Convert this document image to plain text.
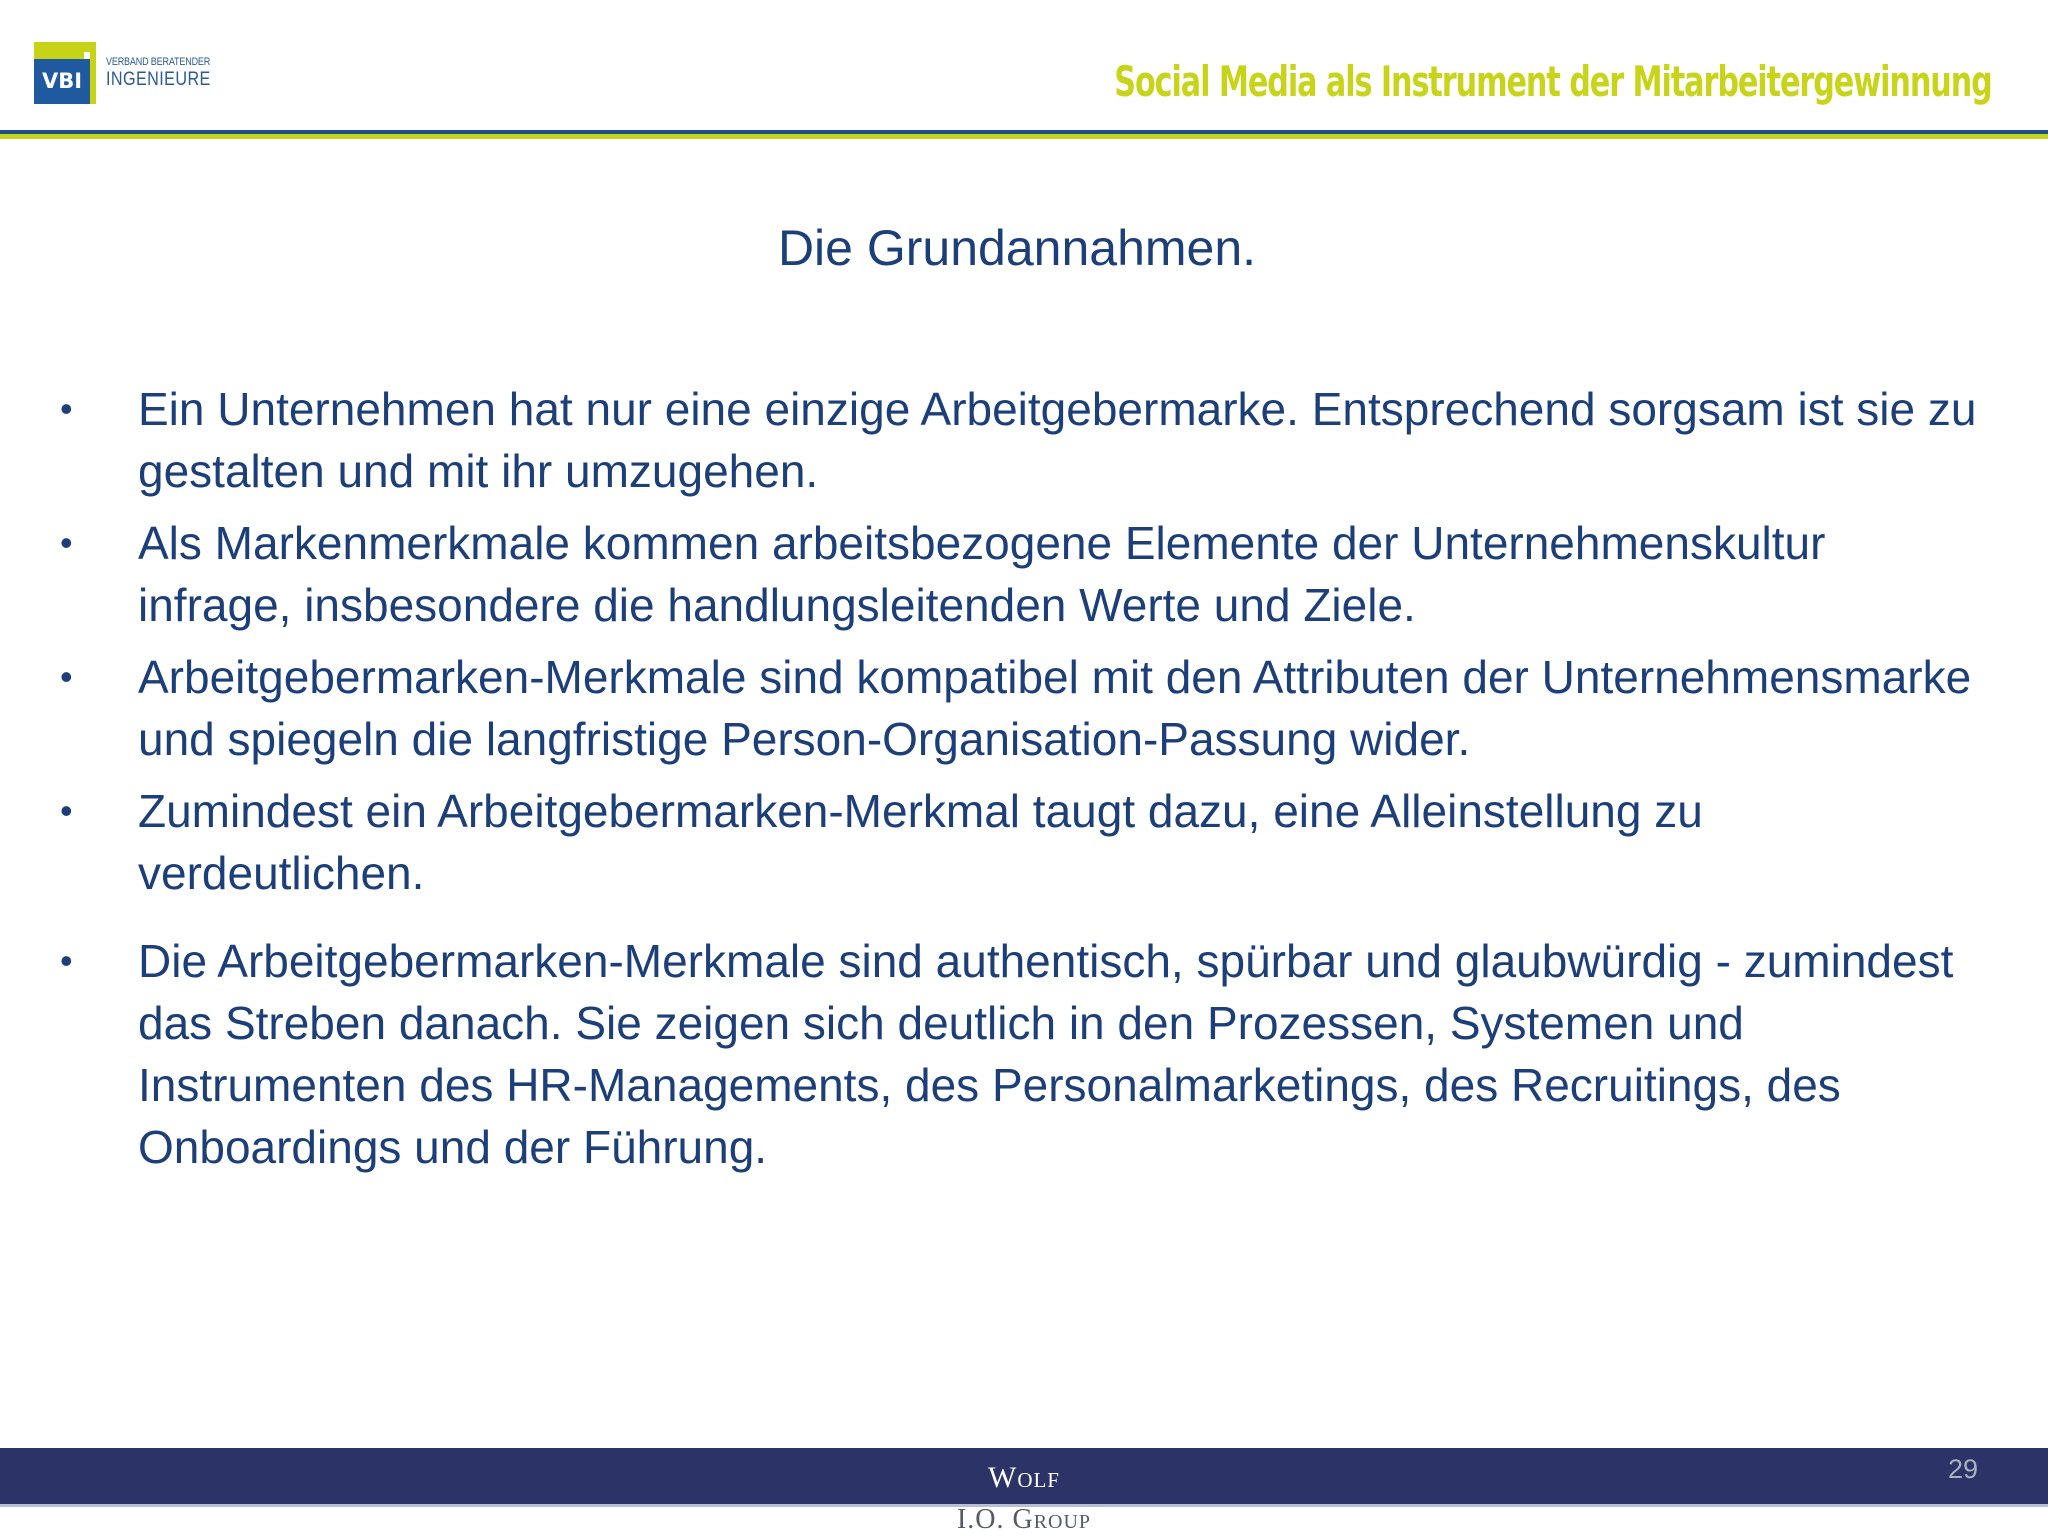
VBI
VERBAND BERATENDER
INGENIEURE	Social Media als Instrument der Mitarbeitergewinnung
Die Grundannahmen.
• Ein Unternehmen hat nur eine einzige Arbeitgebermarke. Entsprechend sorgsam ist sie zu gestalten und mit ihr umzugehen.
• Als Markenmerkmale kommen arbeitsbezogene Elemente der Unternehmenskultur infrage, insbesondere die handlungsleitenden Werte und Ziele.
• Arbeitgebermarken-Merkmale sind kompatibel mit den Attributen der Unternehmensmarke und spiegeln die langfristige Person-Organisation-Passung wider.
• Zumindest ein Arbeitgebermarken-Merkmal taugt dazu, eine Alleinstellung zu verdeutlichen.
• Die Arbeitgebermarken-Merkmale sind authentisch, spürbar und glaubwürdig - zumindest das Streben danach. Sie zeigen sich deutlich in den Prozessen, Systemen und Instrumenten des HR-Managements, des Personalmarketings, des Recruitings, des Onboardings und der Führung.
Wolf
I.O. Group
29
